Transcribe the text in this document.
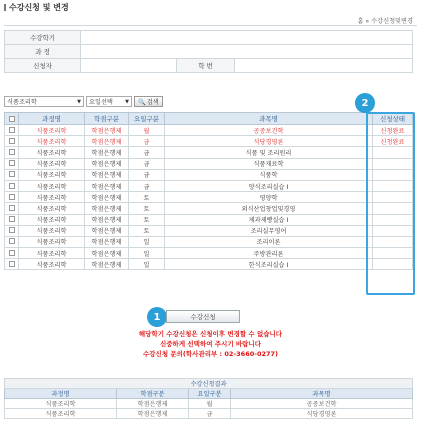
수강신청 및 변경
홈 » 수강신청및변경
수강학기			
과 정			
신청자		학 번	
식품조리학	▼ 요일선택 ▼ 🔍 검색
	과정명	학점구분	요일구분	과목명	신청상태
	식품조리학	학점은행제	월	공중보건학	신청완료
	식품조리학	학점은행제	금	식당경영론	신청완료
	식품조리학	학점은행제	금	식품 및 조리원리	
	식품조리학	학점은행제	금	식품재료학	
	식품조리학	학점은행제	금	식품학	
	식품조리학	학점은행제	금	양식조리실습 I	
	식품조리학	학점은행제	토	영양학	
	식품조리학	학점은행제	토	외식산업창업및경영	
	식품조리학	학점은행제	토	제과제빵실습 I	
	식품조리학	학점은행제	토	조리실무영어	
	식품조리학	학점은행제	일	조리이론	
	식품조리학	학점은행제	일	주방관리론	
	식품조리학	학점은행제	일	한식조리실습 I	
2
1	수강신청
해당학기 수강신청은 신청이후 변경할 수 없습니다
신중하게 선택하여 주시기 바랍니다
수강신청 문의(학사관리부 : 02-3660-0277)
수강신청결과			
과정명	학점구분	요일구분	과목명
식품조리학	학점은행제	월	공중보건학
식품조리학	학점은행제	금	식당경영론
